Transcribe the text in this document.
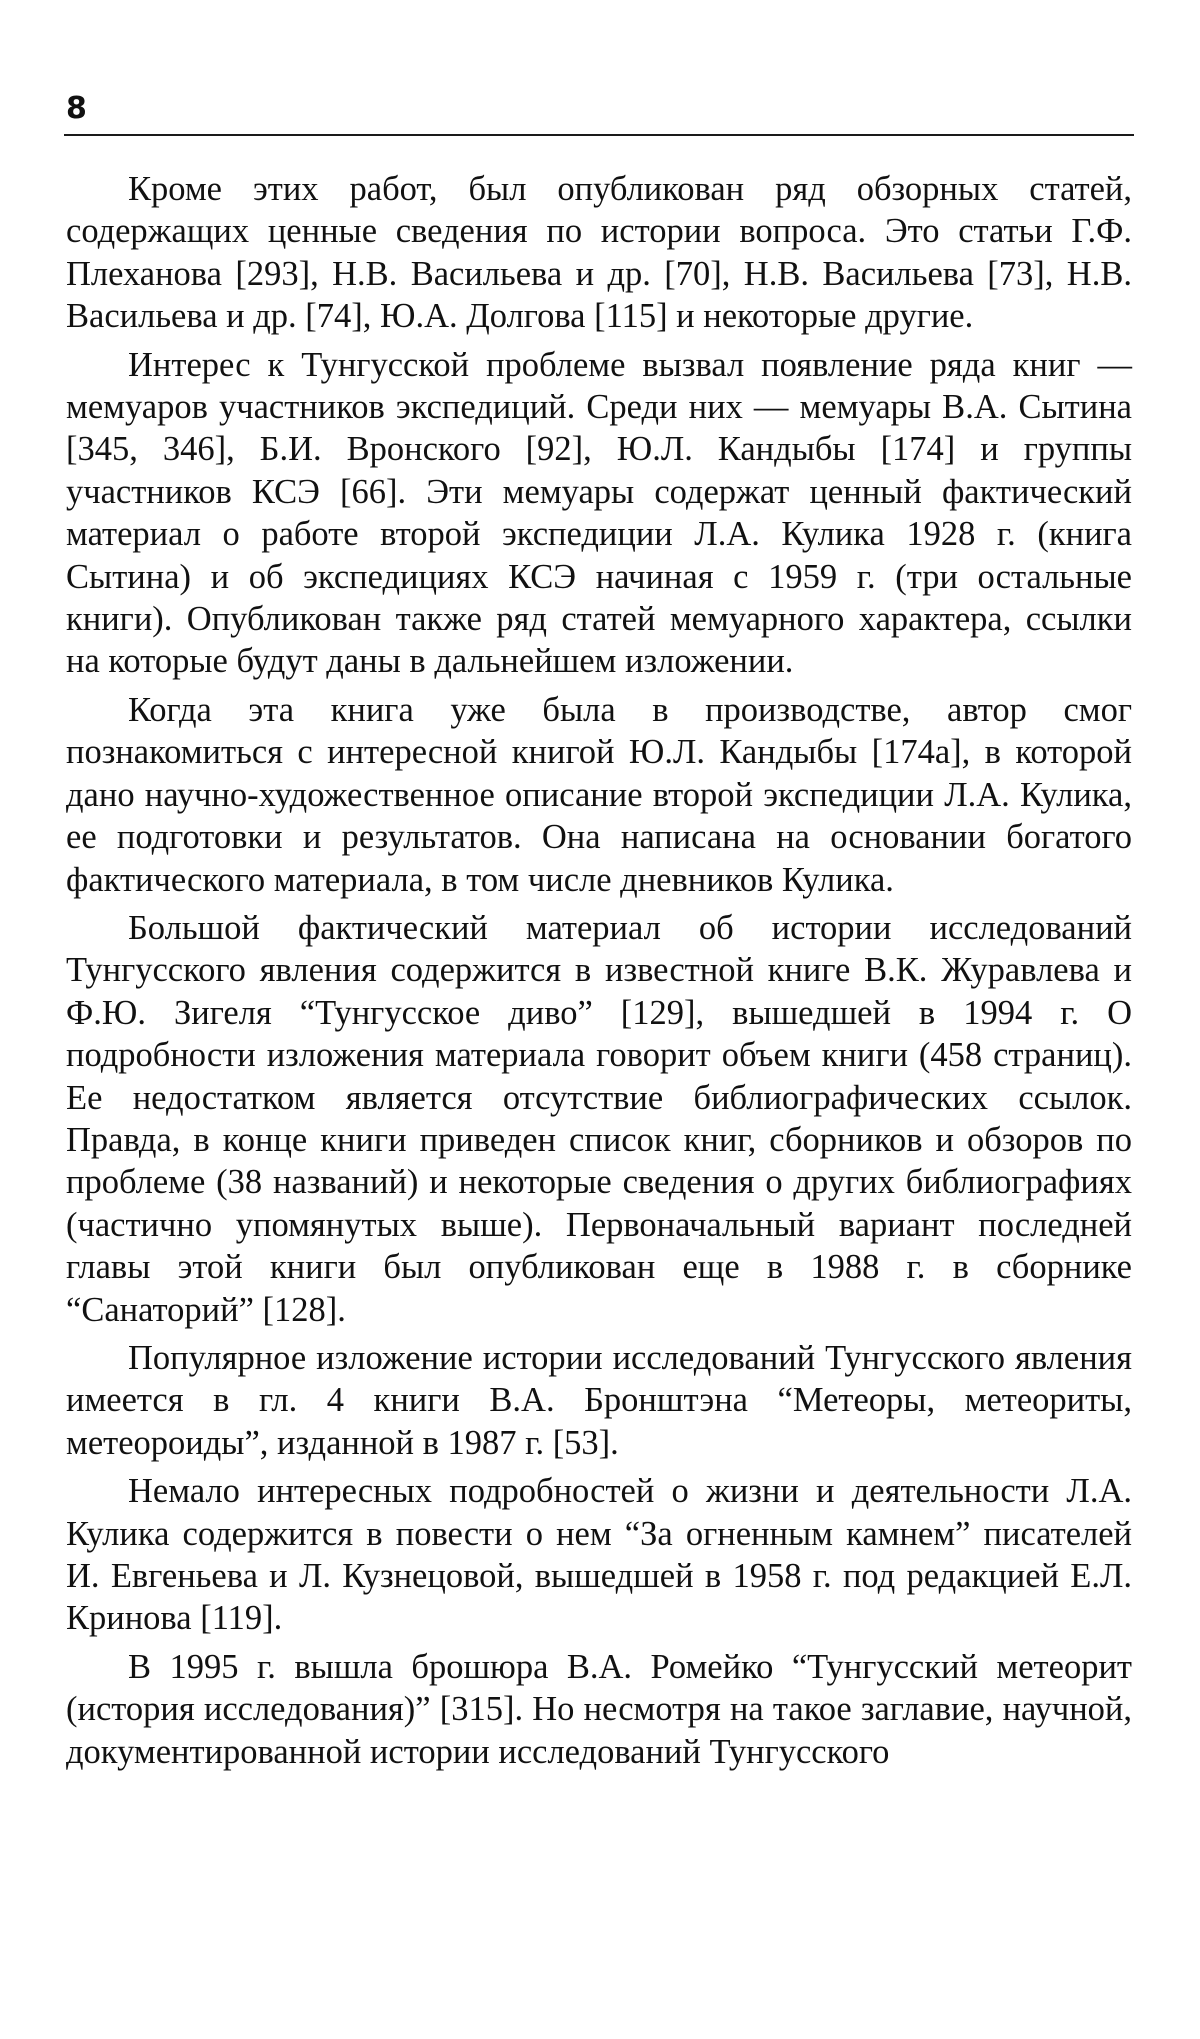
8

Кроме этих работ, был опубликован ряд обзорных статей, содержащих ценные сведения по истории вопроса. Это статьи Г.Ф. Плеханова [293], Н.В. Васильева и др. [70], Н.В. Васильева [73], Н.В. Васильева и др. [74], Ю.А. Долгова [115] и некоторые другие.

Интерес к Тунгусской проблеме вызвал появление ряда книг — мемуаров участников экспедиций. Среди них — мемуары В.А. Сытина [345, 346], Б.И. Вронского [92], Ю.Л. Кандыбы [174] и группы участников КСЭ [66]. Эти мемуары содержат ценный фактический материал о работе второй экспедиции Л.А. Кулика 1928 г. (книга Сытина) и об экспедициях КСЭ начиная с 1959 г. (три остальные книги). Опубликован также ряд статей мемуарного характера, ссылки на которые будут даны в дальнейшем изложении.

Когда эта книга уже была в производстве, автор смог познакомиться с интересной книгой Ю.Л. Кандыбы [174а], в которой дано научно-художественное описание второй экспедиции Л.А. Кулика, ее подготовки и результатов. Она написана на основании богатого фактического материала, в том числе дневников Кулика.

Большой фактический материал об истории исследований Тунгусского явления содержится в известной книге В.К. Журавлева и Ф.Ю. Зигеля “Тунгусское диво” [129], вышедшей в 1994 г. О подробности изложения материала говорит объем книги (458 страниц). Ее недостатком является отсутствие библиографических ссылок. Правда, в конце книги приведен список книг, сборников и обзоров по проблеме (38 названий) и некоторые сведения о других библиографиях (частично упомянутых выше). Первоначальный вариант последней главы этой книги был опубликован еще в 1988 г. в сборнике “Санаторий” [128].

Популярное изложение истории исследований Тунгусского явления имеется в гл. 4 книги В.А. Бронштэна “Метеоры, метеориты, метеороиды”, изданной в 1987 г. [53].

Немало интересных подробностей о жизни и деятельности Л.А. Кулика содержится в повести о нем “За огненным камнем” писателей И. Евгеньева и Л. Кузнецовой, вышедшей в 1958 г. под редакцией Е.Л. Кринова [119].

В 1995 г. вышла брошюра В.А. Ромейко “Тунгусский метеорит (история исследования)” [315]. Но несмотря на такое заглавие, научной, документированной истории исследований Тунгусского
